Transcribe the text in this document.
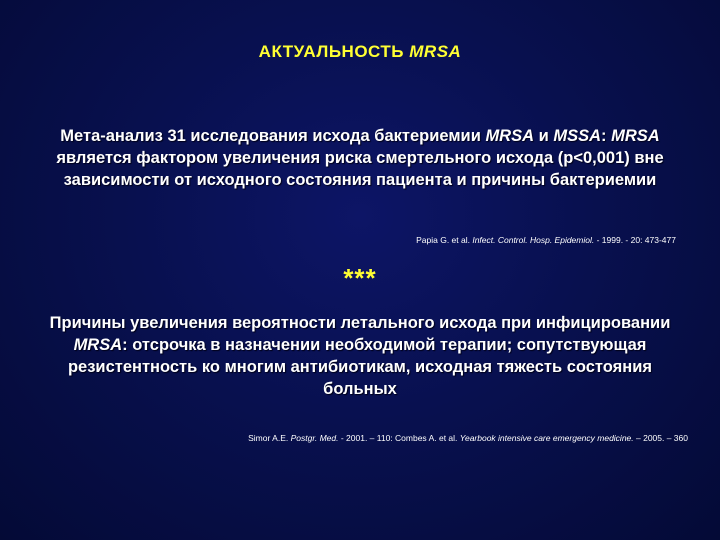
АКТУАЛЬНОСТЬ MRSA
Мета-анализ 31 исследования исхода бактериемии MRSA и MSSA: MRSA является фактором увеличения риска смертельного исхода (р<0,001) вне зависимости от исходного состояния пациента и причины бактериемии
Papia G. et al. Infect. Control. Hosp. Epidemiol. - 1999. - 20: 473-477
***
Причины увеличения вероятности летального исхода при инфицировании MRSA: отсрочка в назначении необходимой терапии; сопутствующая резистентность ко многим антибиотикам, исходная тяжесть состояния больных
Simor A.E. Postgr. Med. - 2001. – 110: Combes A. et al. Yearbook intensive care emergency medicine. – 2005. – 360
